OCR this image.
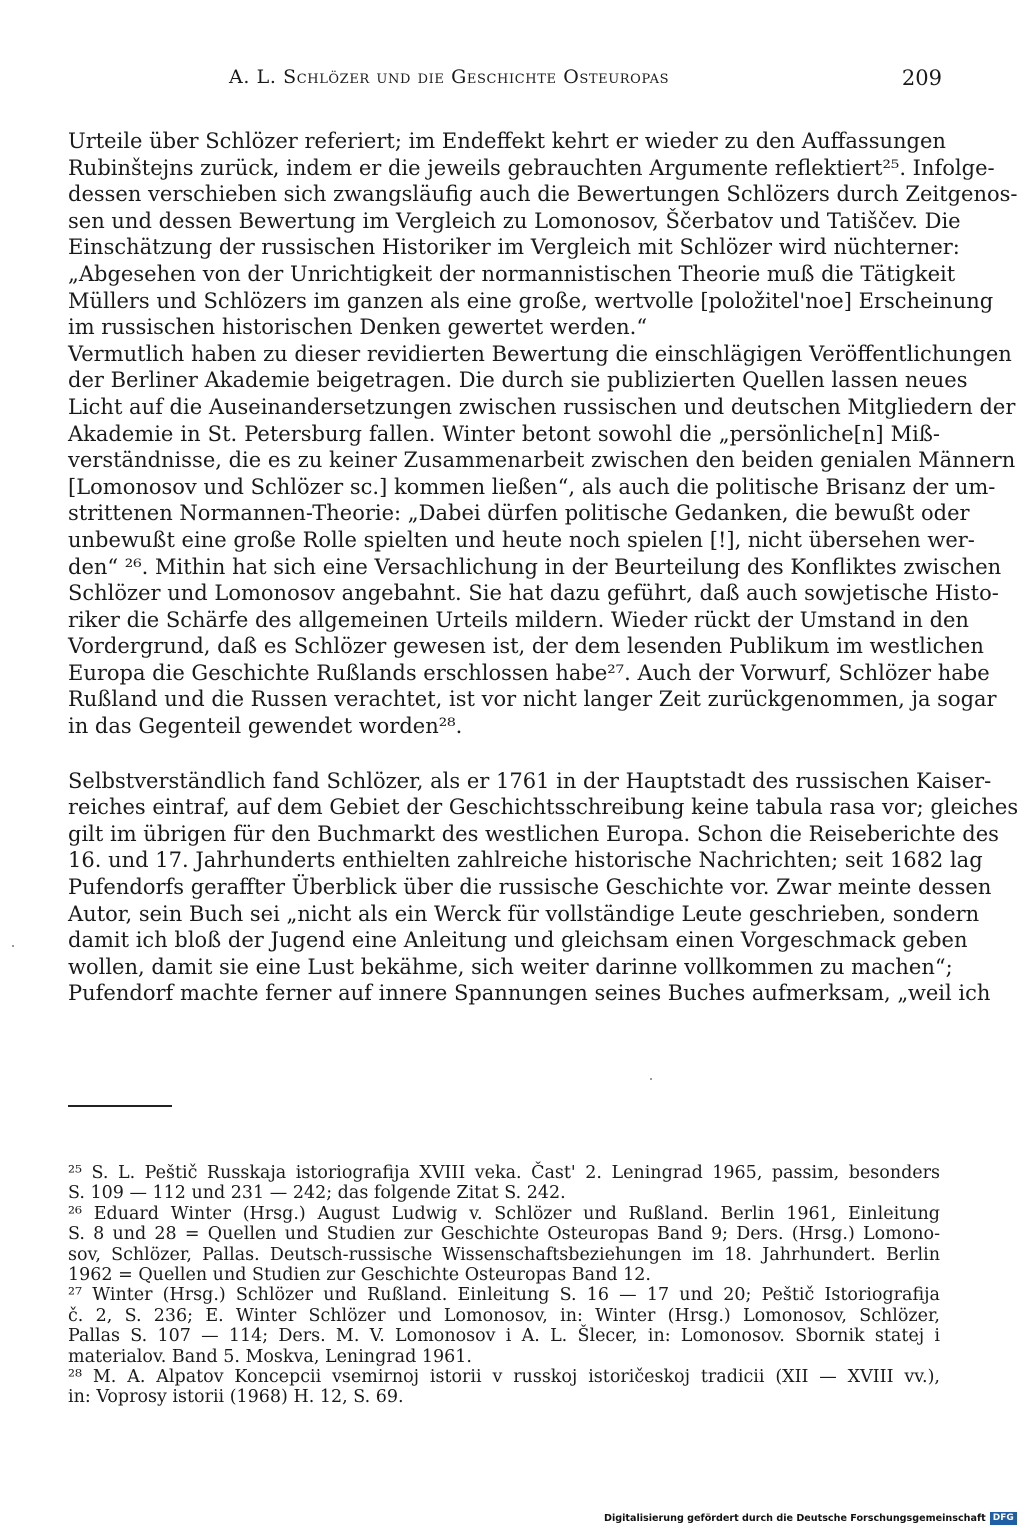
A. L. Schlözer und die Geschichte Osteuropas	209
Urteile über Schlözer referiert; im Endeffekt kehrt er wieder zu den Auffassungen
Rubinštejns zurück, indem er die jeweils gebrauchten Argumente reflektiert²⁵. Infolge-
dessen verschieben sich zwangsläufig auch die Bewertungen Schlözers durch Zeitgenos-
sen und dessen Bewertung im Vergleich zu Lomonosov, Ščerbatov und Tatiščev. Die
Einschätzung der russischen Historiker im Vergleich mit Schlözer wird nüchterner:
„Abgesehen von der Unrichtigkeit der normannistischen Theorie muß die Tätigkeit
Müllers und Schlözers im ganzen als eine große, wertvolle [položitel'noe] Erscheinung
im russischen historischen Denken gewertet werden.“
Vermutlich haben zu dieser revidierten Bewertung die einschlägigen Veröffentlichungen
der Berliner Akademie beigetragen. Die durch sie publizierten Quellen lassen neues
Licht auf die Auseinandersetzungen zwischen russischen und deutschen Mitgliedern der
Akademie in St. Petersburg fallen. Winter betont sowohl die „persönliche[n] Miß-
verständnisse, die es zu keiner Zusammenarbeit zwischen den beiden genialen Männern
[Lomonosov und Schlözer sc.] kommen ließen“, als auch die politische Brisanz der um-
strittenen Normannen-Theorie: „Dabei dürfen politische Gedanken, die bewußt oder
unbewußt eine große Rolle spielten und heute noch spielen [!], nicht übersehen wer-
den“ ²⁶. Mithin hat sich eine Versachlichung in der Beurteilung des Konfliktes zwischen
Schlözer und Lomonosov angebahnt. Sie hat dazu geführt, daß auch sowjetische Histo-
riker die Schärfe des allgemeinen Urteils mildern. Wieder rückt der Umstand in den
Vordergrund, daß es Schlözer gewesen ist, der dem lesenden Publikum im westlichen
Europa die Geschichte Rußlands erschlossen habe²⁷. Auch der Vorwurf, Schlözer habe
Rußland und die Russen verachtet, ist vor nicht langer Zeit zurückgenommen, ja sogar
in das Gegenteil gewendet worden²⁸.
Selbstverständlich fand Schlözer, als er 1761 in der Hauptstadt des russischen Kaiser-
reiches eintraf, auf dem Gebiet der Geschichtsschreibung keine tabula rasa vor; gleiches
gilt im übrigen für den Buchmarkt des westlichen Europa. Schon die Reiseberichte des
16. und 17. Jahrhunderts enthielten zahlreiche historische Nachrichten; seit 1682 lag
Pufendorfs geraffter Überblick über die russische Geschichte vor. Zwar meinte dessen
Autor, sein Buch sei „nicht als ein Werck für vollständige Leute geschrieben, sondern
damit ich bloß der Jugend eine Anleitung und gleichsam einen Vorgeschmack geben
wollen, damit sie eine Lust bekähme, sich weiter darinne vollkommen zu machen“;
Pufendorf machte ferner auf innere Spannungen seines Buches aufmerksam, „weil ich
²⁵ S. L. Peštič Russkaja istoriografija XVIII veka. Čast' 2. Leningrad 1965, passim, besonders
S. 109 — 112 und 231 — 242; das folgende Zitat S. 242.
²⁶ Eduard Winter (Hrsg.) August Ludwig v. Schlözer und Rußland. Berlin 1961, Einleitung
S. 8 und 28 = Quellen und Studien zur Geschichte Osteuropas Band 9; Ders. (Hrsg.) Lomono-
sov, Schlözer, Pallas. Deutsch-russische Wissenschaftsbeziehungen im 18. Jahrhundert. Berlin
1962 = Quellen und Studien zur Geschichte Osteuropas Band 12.
²⁷ Winter (Hrsg.) Schlözer und Rußland. Einleitung S. 16 — 17 und 20; Peštič Istoriografija
č. 2, S. 236; E. Winter Schlözer und Lomonosov, in: Winter (Hrsg.) Lomonosov, Schlözer,
Pallas S. 107 — 114; Ders. M. V. Lomonosov i A. L. Šlecer, in: Lomonosov. Sbornik statej i
materialov. Band 5. Moskva, Leningrad 1961.
²⁸ M. A. Alpatov Koncepcii vsemirnoj istorii v russkoj istoričeskoj tradicii (XII — XVIII vv.),
in: Voprosy istorii (1968) H. 12, S. 69.
Digitalisierung gefördert durch die Deutsche Forschungsgemeinschaft DFG
